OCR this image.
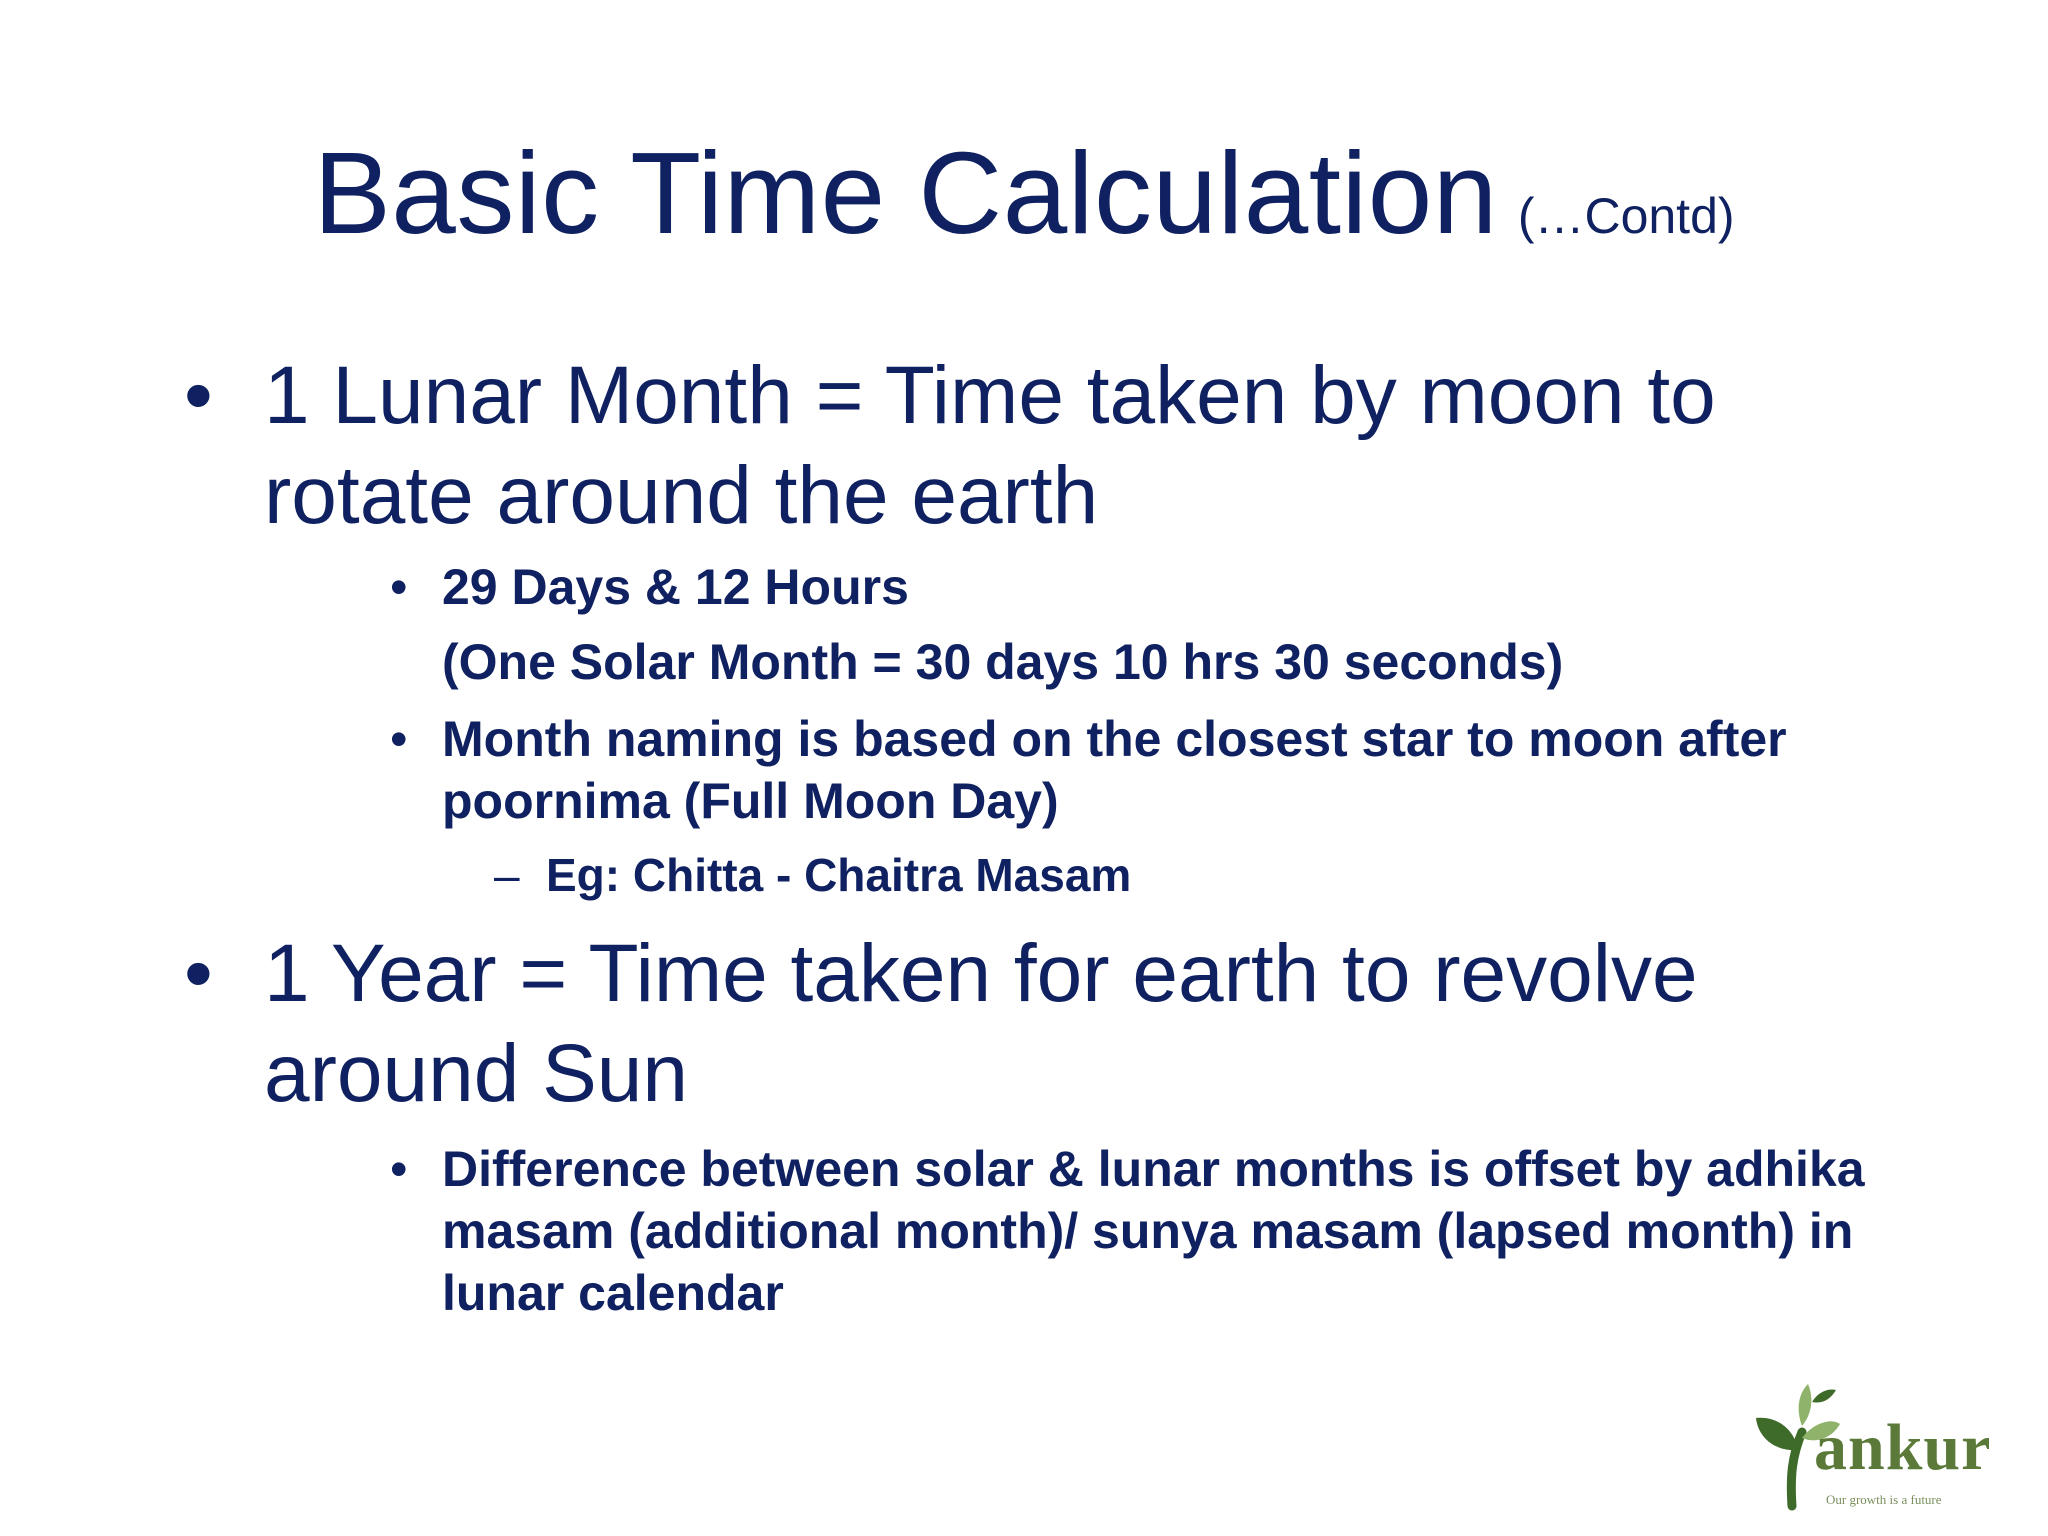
Basic Time Calculation (…Contd)
• 1 Lunar Month = Time taken by moon to rotate around the earth
• 29 Days & 12 Hours
(One Solar Month = 30 days 10 hrs 30 seconds)
• Month naming is based on the closest star to moon after poornima (Full Moon Day)
– Eg: Chitta - Chaitra Masam
• 1 Year = Time taken for earth to revolve around Sun
• Difference between solar & lunar months is offset by adhika masam (additional month)/ sunya masam (lapsed month) in lunar calendar
ankur
Our growth is a future
